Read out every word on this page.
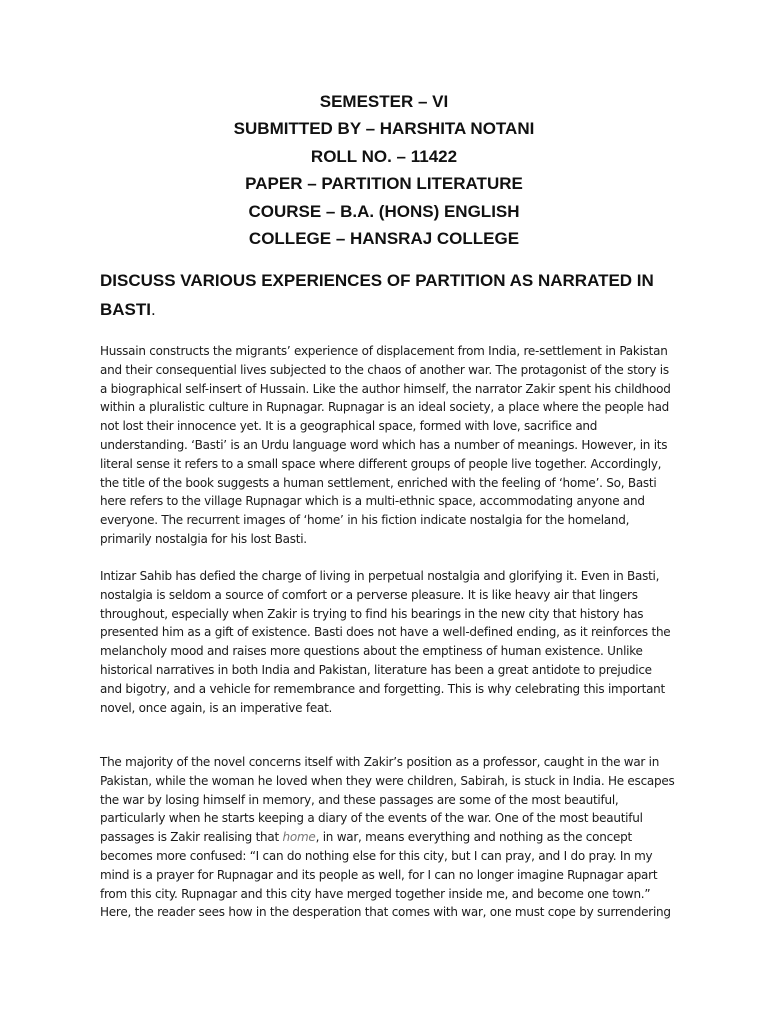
SEMESTER – VI
SUBMITTED BY – HARSHITA NOTANI
ROLL NO. – 11422
PAPER – PARTITION LITERATURE
COURSE – B.A. (HONS) ENGLISH
COLLEGE – HANSRAJ COLLEGE
DISCUSS VARIOUS EXPERIENCES OF PARTITION AS NARRATED IN
BASTI.
Hussain constructs the migrants’ experience of displacement from India, re-settlement in Pakistan
and their consequential lives subjected to the chaos of another war. The protagonist of the story is
a biographical self-insert of Hussain. Like the author himself, the narrator Zakir spent his childhood
within a pluralistic culture in Rupnagar. Rupnagar is an ideal society, a place where the people had
not lost their innocence yet. It is a geographical space, formed with love, sacrifice and
understanding. ‘Basti’ is an Urdu language word which has a number of meanings. However, in its
literal sense it refers to a small space where different groups of people live together. Accordingly,
the title of the book suggests a human settlement, enriched with the feeling of ‘home’. So, Basti
here refers to the village Rupnagar which is a multi-ethnic space, accommodating anyone and
everyone. The recurrent images of ‘home’ in his fiction indicate nostalgia for the homeland,
primarily nostalgia for his lost Basti.
Intizar Sahib has defied the charge of living in perpetual nostalgia and glorifying it. Even in Basti,
nostalgia is seldom a source of comfort or a perverse pleasure. It is like heavy air that lingers
throughout, especially when Zakir is trying to find his bearings in the new city that history has
presented him as a gift of existence. Basti does not have a well-defined ending, as it reinforces the
melancholy mood and raises more questions about the emptiness of human existence. Unlike
historical narratives in both India and Pakistan, literature has been a great antidote to prejudice
and bigotry, and a vehicle for remembrance and forgetting. This is why celebrating this important
novel, once again, is an imperative feat.
The majority of the novel concerns itself with Zakir’s position as a professor, caught in the war in
Pakistan, while the woman he loved when they were children, Sabirah, is stuck in India. He escapes
the war by losing himself in memory, and these passages are some of the most beautiful,
particularly when he starts keeping a diary of the events of the war. One of the most beautiful
passages is Zakir realising that home, in war, means everything and nothing as the concept
becomes more confused: “I can do nothing else for this city, but I can pray, and I do pray. In my
mind is a prayer for Rupnagar and its people as well, for I can no longer imagine Rupnagar apart
from this city. Rupnagar and this city have merged together inside me, and become one town.”
Here, the reader sees how in the desperation that comes with war, one must cope by surrendering
